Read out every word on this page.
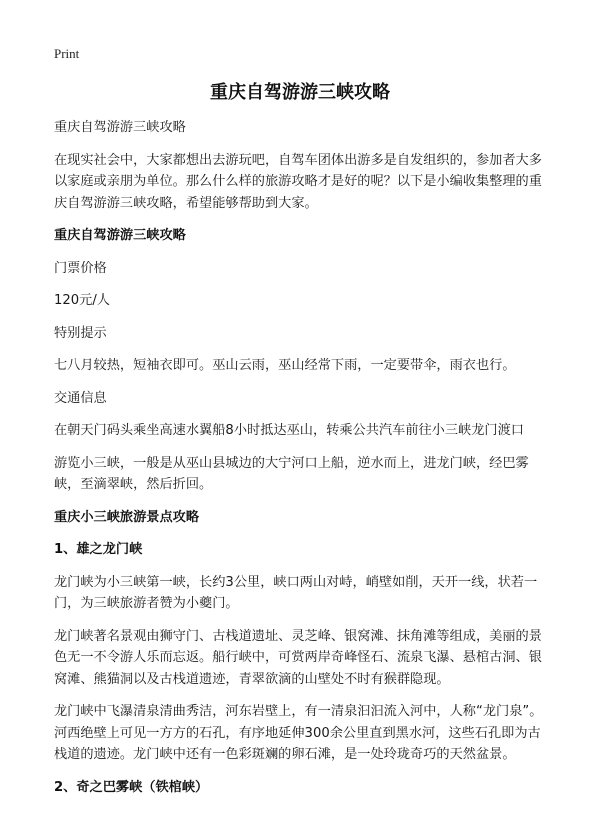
Print
重庆自驾游游三峡攻略

重庆自驾游游三峡攻略

在现实社会中，大家都想出去游玩吧，自驾车团体出游多是自发组织的，参加者大多以家庭或亲朋为单位。那么什么样的旅游攻略才是好的呢？以下是小编收集整理的重庆自驾游游三峡攻略，希望能够帮助到大家。

重庆自驾游游三峡攻略

门票价格

120元/人

特别提示

七八月较热，短袖衣即可。巫山云雨，巫山经常下雨，一定要带伞，雨衣也行。

交通信息

在朝天门码头乘坐高速水翼船8小时抵达巫山，转乘公共汽车前往小三峡龙门渡口

游览小三峡，一般是从巫山县城边的大宁河口上船，逆水而上，进龙门峡，经巴雾峡，至滴翠峡，然后折回。

重庆小三峡旅游景点攻略

1、雄之龙门峡

龙门峡为小三峡第一峡，长约3公里，峡口两山对峙，峭壁如削，天开一线，状若一门，为三峡旅游者赞为小夔门。

龙门峡著名景观由狮守门、古栈道遗址、灵芝峰、银窝滩、抹角滩等组成，美丽的景色无一不令游人乐而忘返。船行峡中，可赏两岸奇峰怪石、流泉飞瀑、悬棺古洞、银窝滩、熊猫洞以及古栈道遗迹，青翠欲滴的山壁处不时有猴群隐现。

龙门峡中飞瀑清泉清曲秀洁，河东岩壁上，有一清泉汩汩流入河中，人称“龙门泉”。河西绝壁上可见一方方的石孔，有序地延伸300余公里直到黑水河，这些石孔即为古栈道的遗迹。龙门峡中还有一色彩斑斓的卵石滩，是一处玲珑奇巧的天然盆景。

2、奇之巴雾峡（铁棺峡）
